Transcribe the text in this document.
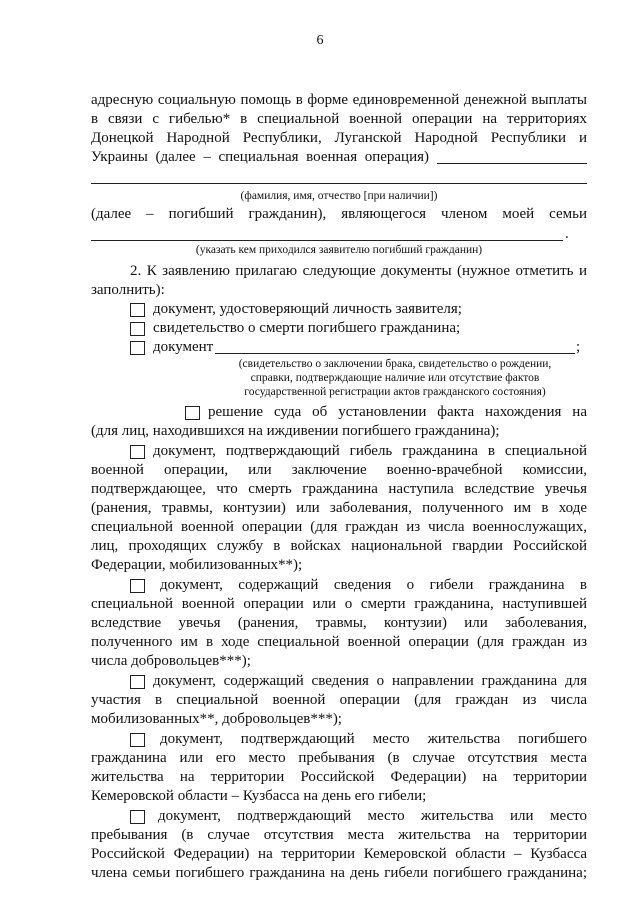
6
адресную социальную помощь в форме единовременной денежной выплаты
в связи с гибелью* в специальной военной операции на территориях
Донецкой Народной Республики, Луганской Народной Республики и
Украины (далее – специальная военная операция)
(фамилия, имя, отчество [при наличии])
(далее – погибший гражданин), являющегося членом моей семьи
.
(указать кем приходился заявителю погибший гражданин)
2. К заявлению прилагаю следующие документы (нужное отметить и
заполнить):
документ, удостоверяющий личность заявителя;
свидетельство о смерти погибшего гражданина;
документ	;
(свидетельство о заключении брака, свидетельство о рождении,
справки, подтверждающие наличие или отсутствие фактов
государственной регистрации актов гражданского состояния)
решение суда об установлении факта нахождения на
(для лиц, находившихся на иждивении погибшего гражданина);
документ, подтверждающий гибель гражданина в специальной
военной операции, или заключение военно-врачебной комиссии,
подтверждающее, что смерть гражданина наступила вследствие увечья
(ранения, травмы, контузии) или заболевания, полученного им в ходе
специальной военной операции (для граждан из числа военнослужащих,
лиц, проходящих службу в войсках национальной гвардии Российской
Федерации, мобилизованных**);
документ, содержащий сведения о гибели гражданина в
специальной военной операции или о смерти гражданина, наступившей
вследствие увечья (ранения, травмы, контузии) или заболевания,
полученного им в ходе специальной военной операции (для граждан из
числа добровольцев***);
документ, содержащий сведения о направлении гражданина для
участия в специальной военной операции (для граждан из числа
мобилизованных**, добровольцев***);
документ, подтверждающий место жительства погибшего
гражданина или его место пребывания (в случае отсутствия места
жительства на территории Российской Федерации) на территории
Кемеровской области – Кузбасса на день его гибели;
документ, подтверждающий место жительства или место
пребывания (в случае отсутствия места жительства на территории
Российской Федерации) на территории Кемеровской области – Кузбасса
члена семьи погибшего гражданина на день гибели погибшего гражданина;
